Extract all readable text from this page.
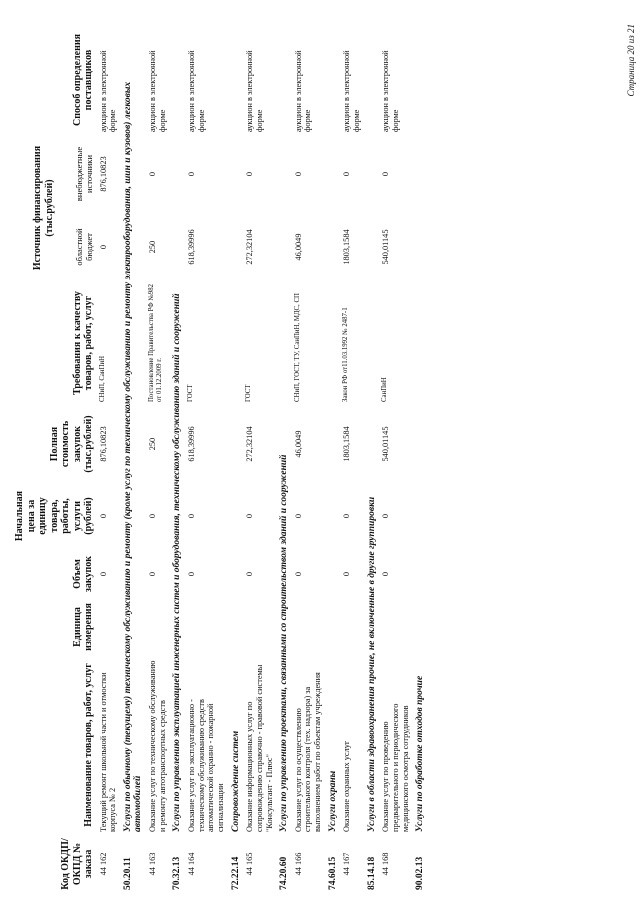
Код ОКДП/ ОКПД № заказа	Наименование товаров, работ, услуг	Единица измерения	Объем закупок	Начальная цена за единицу товара, работы, услуги (рублей)	Полная стоимость закупок (тыс.рублей)	Требования к качеству товаров, работ, услуг	Источник финансирования (тыс.рублей)		Способ определения поставщиков
							областной бюджет	внебюджетные источники	
44 162	Текущий ремонт школьной части и отмостки корпуса № 2		0	0	876,10823	СНиП, СанПиН	0	876,10823	аукцион в электронной форме
50.20.11	Услуги по обычному (текущему) техническому обслуживанию и ремонту (кроме услуг по техническому обслуживанию и ремонту электрооборудования, шин и кузовов) легковых автомобилей								
44 163	Оказание услуг по техническому обслуживанию и ремонту автотранспортных средств		0	0	250	Постановление Правительства РФ №982 от 01.12.2009 г.	250	0	аукцион в электронной форме
70.32.13	Услуги по управлению эксплуатацией инженерных систем и оборудования, техническому обслуживанию зданий и сооружений								
44 164	Оказание услуг по эксплуатационно - техническому обслуживанию средств автоматической охранно - пожарной сигнализации		0	0	618,39996	ГОСТ	618,39996	0	аукцион в электронной форме
72.22.14	Сопровождение систем								
44 165	Оказание информационных услуг по сопровождению справочно - правовой системы "Консультант - Плюс"		0	0	272,32104	ГОСТ	272,32104	0	аукцион в электронной форме
74.20.60	Услуги по управлению проектами, связанными со строительством зданий и сооружений								
44 166	Оказание услуг по осуществлению строительного контроля (тех. надзора) за выполнением работ по объектам учреждения		0	0	46,0049	СНиП, ГОСТ, ТУ, СанПиН, МДС, СП	46,0049	0	аукцион в электронной форме
74.60.15	Услуги охраны								
44 167	Оказание охранных услуг		0	0	1803,1584	Закон РФ от11.03.1992 № 2487-1	1803,1584	0	аукцион в электронной форме
85.14.18	Услуги в области здравоохранения прочие, не включенные в другие группировки								
44 168	Оказание услуг по проведению предварительного и периодического медицинского осмотра сотрудников		0	0	540,01145	СанПиН	540,01145	0	аукцион в электронной форме
90.02.13	Услуги по обработке отходов прочие								
Страница 20 из 21
